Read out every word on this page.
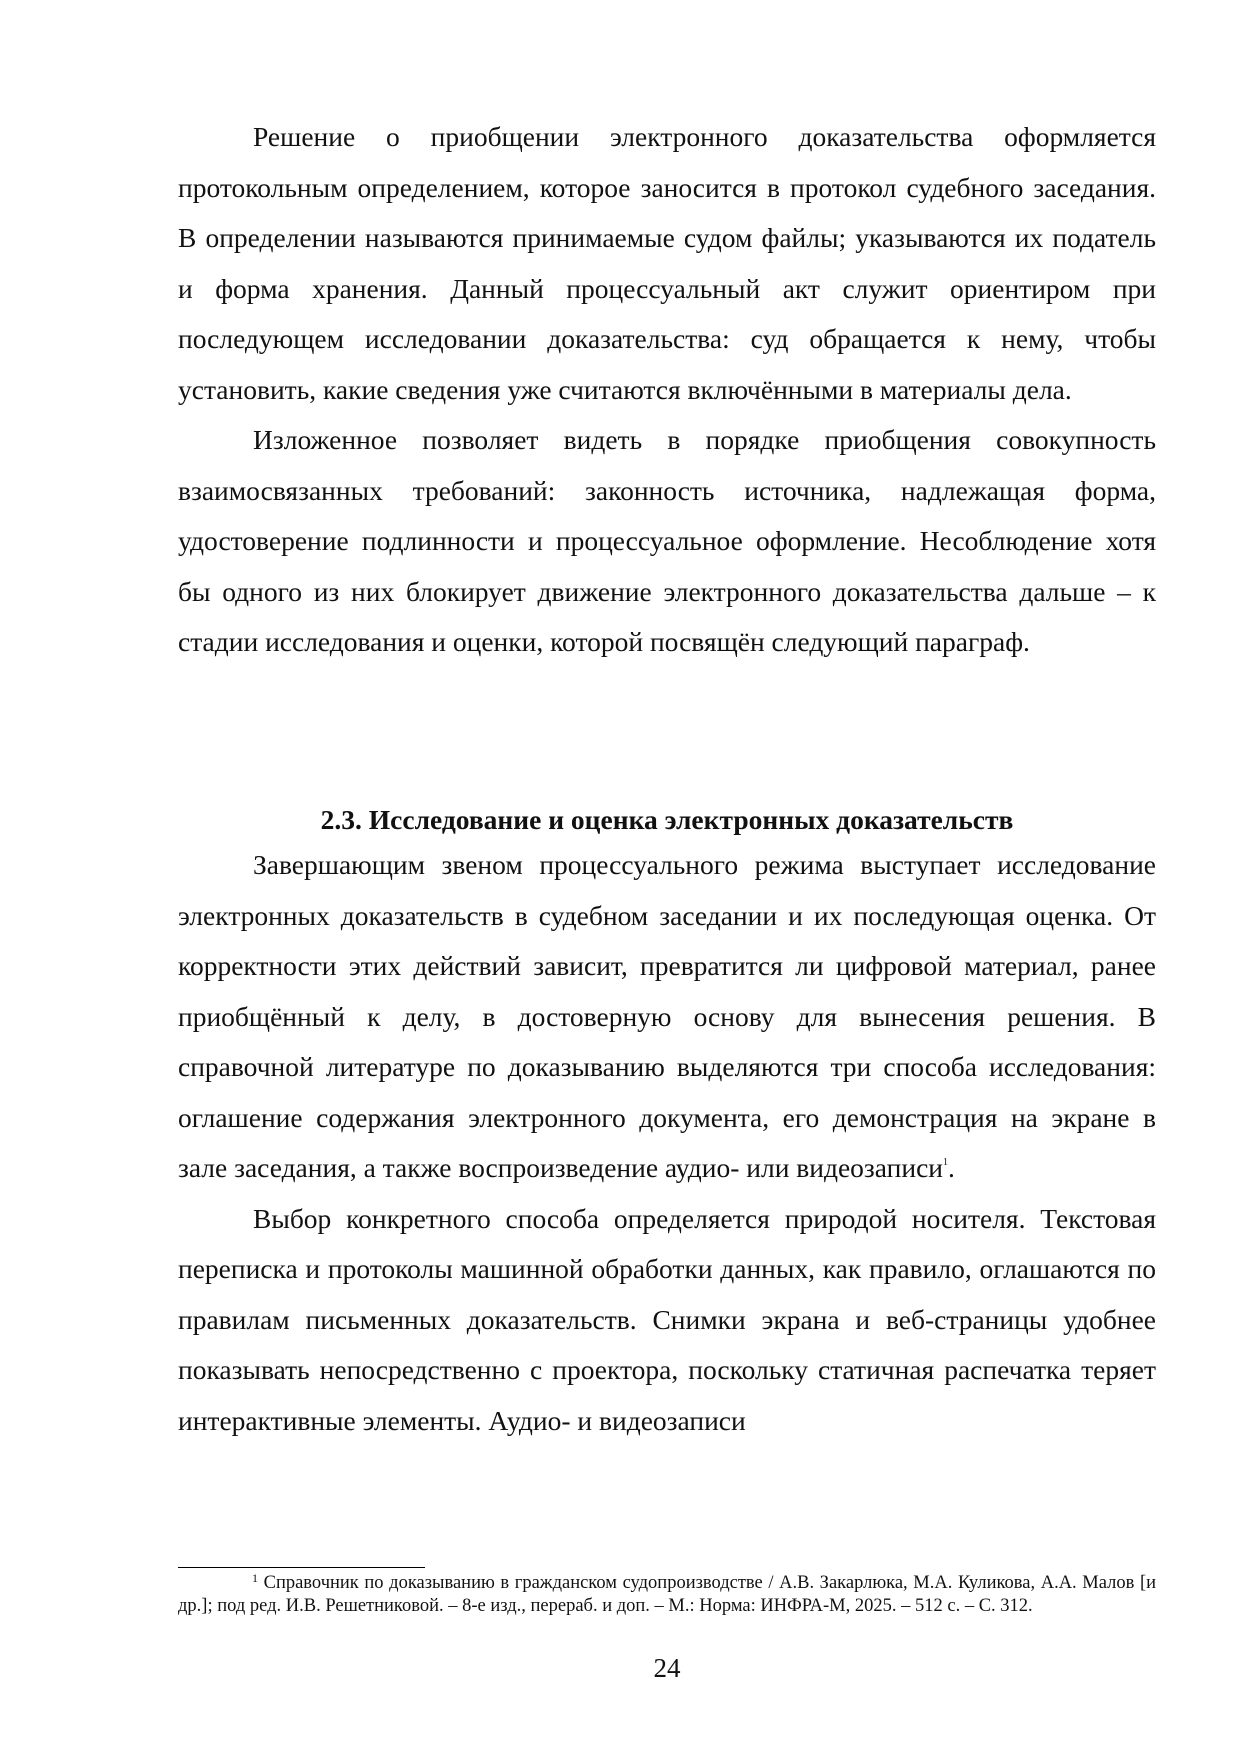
Решение о приобщении электронного доказательства оформляется протокольным определением, которое заносится в протокол судебного заседания. В определении называются принимаемые судом файлы; указываются их податель и форма хранения. Данный процессуальный акт служит ориентиром при последующем исследовании доказательства: суд обращается к нему, чтобы установить, какие сведения уже считаются включёнными в материалы дела.

Изложенное позволяет видеть в порядке приобщения совокупность взаимосвязанных требований: законность источника, надлежащая форма, удостоверение подлинности и процессуальное оформление. Несоблюдение хотя бы одного из них блокирует движение электронного доказательства дальше – к стадии исследования и оценки, которой посвящён следующий параграф.

2.3. Исследование и оценка электронных доказательств

Завершающим звеном процессуального режима выступает исследование электронных доказательств в судебном заседании и их последующая оценка. От корректности этих действий зависит, превратится ли цифровой материал, ранее приобщённый к делу, в достоверную основу для вынесения решения. В справочной литературе по доказыванию выделяются три способа исследования: оглашение содержания электронного документа, его демонстрация на экране в зале заседания, а также воспроизведение аудио- или видеозаписи$^1$.

Выбор конкретного способа определяется природой носителя. Текстовая переписка и протоколы машинной обработки данных, как правило, оглашаются по правилам письменных доказательств. Снимки экрана и веб-страницы удобнее показывать непосредственно с проектора, поскольку статичная распечатка теряет интерактивные элементы. Аудио- и видеозаписи

$^1$ Справочник по доказыванию в гражданском судопроизводстве / А.В. Закарлюка, М.А. Куликова, А.А. Малов [и др.]; под ред. И.В. Решетниковой. – 8-е изд., перераб. и доп. – М.: Норма: ИНФРА-М, 2025. – 512 с. – С. 312.
24
